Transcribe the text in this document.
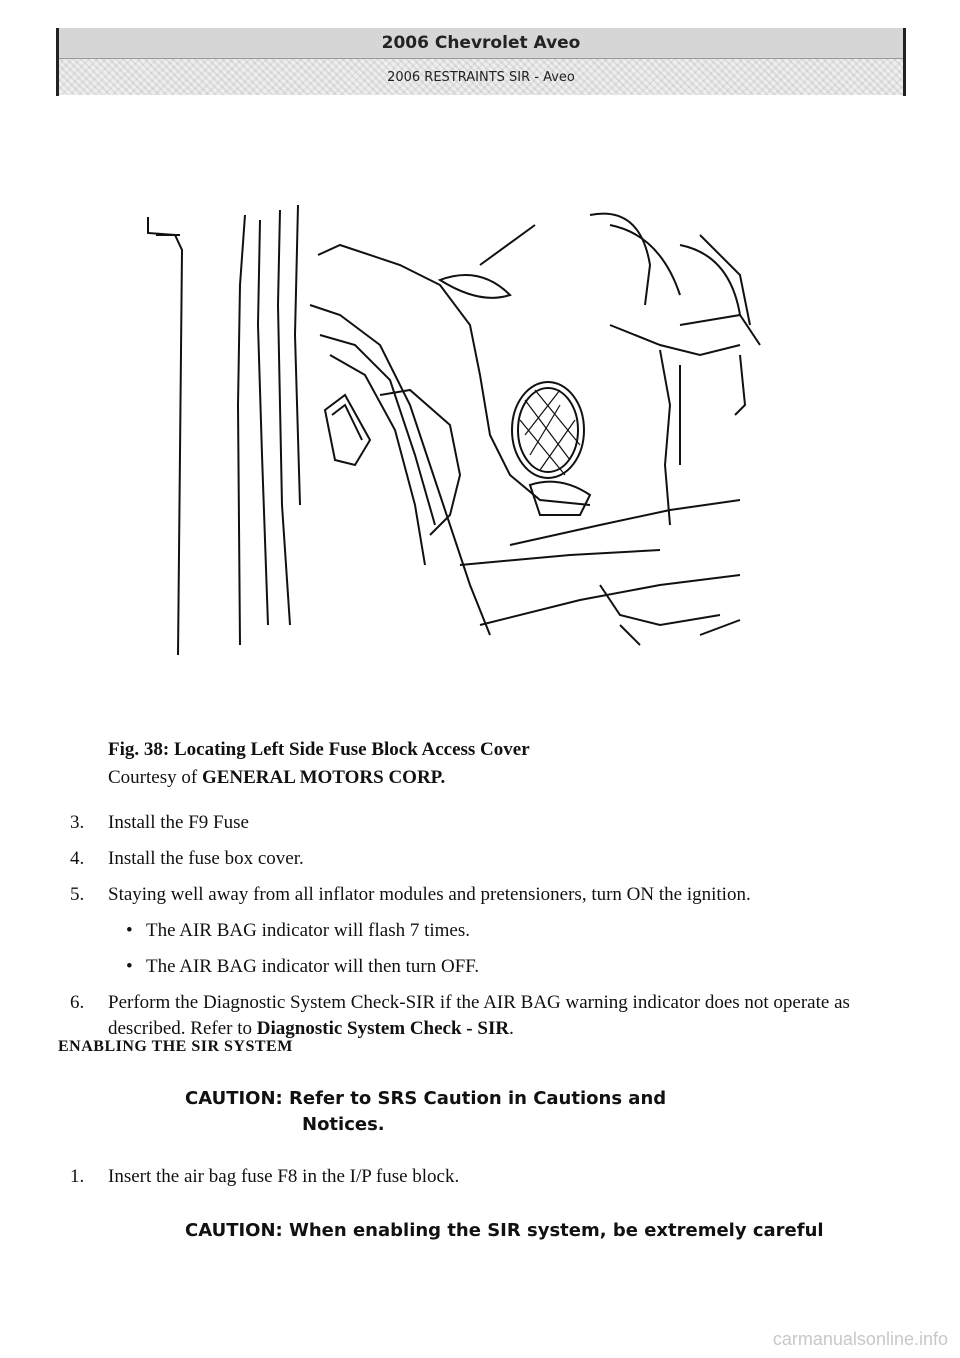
2006 Chevrolet Aveo
2006 RESTRAINTS SIR - Aveo
Fig. 38: Locating Left Side Fuse Block Access Cover
Courtesy of GENERAL MOTORS CORP.
3.	Install the F9 Fuse
4.	Install the fuse box cover.
5.	Staying well away from all inflator modules and pretensioners, turn ON the ignition.
• The AIR BAG indicator will flash 7 times.
• The AIR BAG indicator will then turn OFF.
6.	Perform the Diagnostic System Check-SIR if the AIR BAG warning indicator does not operate as described. Refer to Diagnostic System Check - SIR.
ENABLING THE SIR SYSTEM
CAUTION: Refer to SRS Caution in Cautions and
Notices.
1.	Insert the air bag fuse F8 in the I/P fuse block.
CAUTION: When enabling the SIR system, be extremely careful
carmanualsonline.info
